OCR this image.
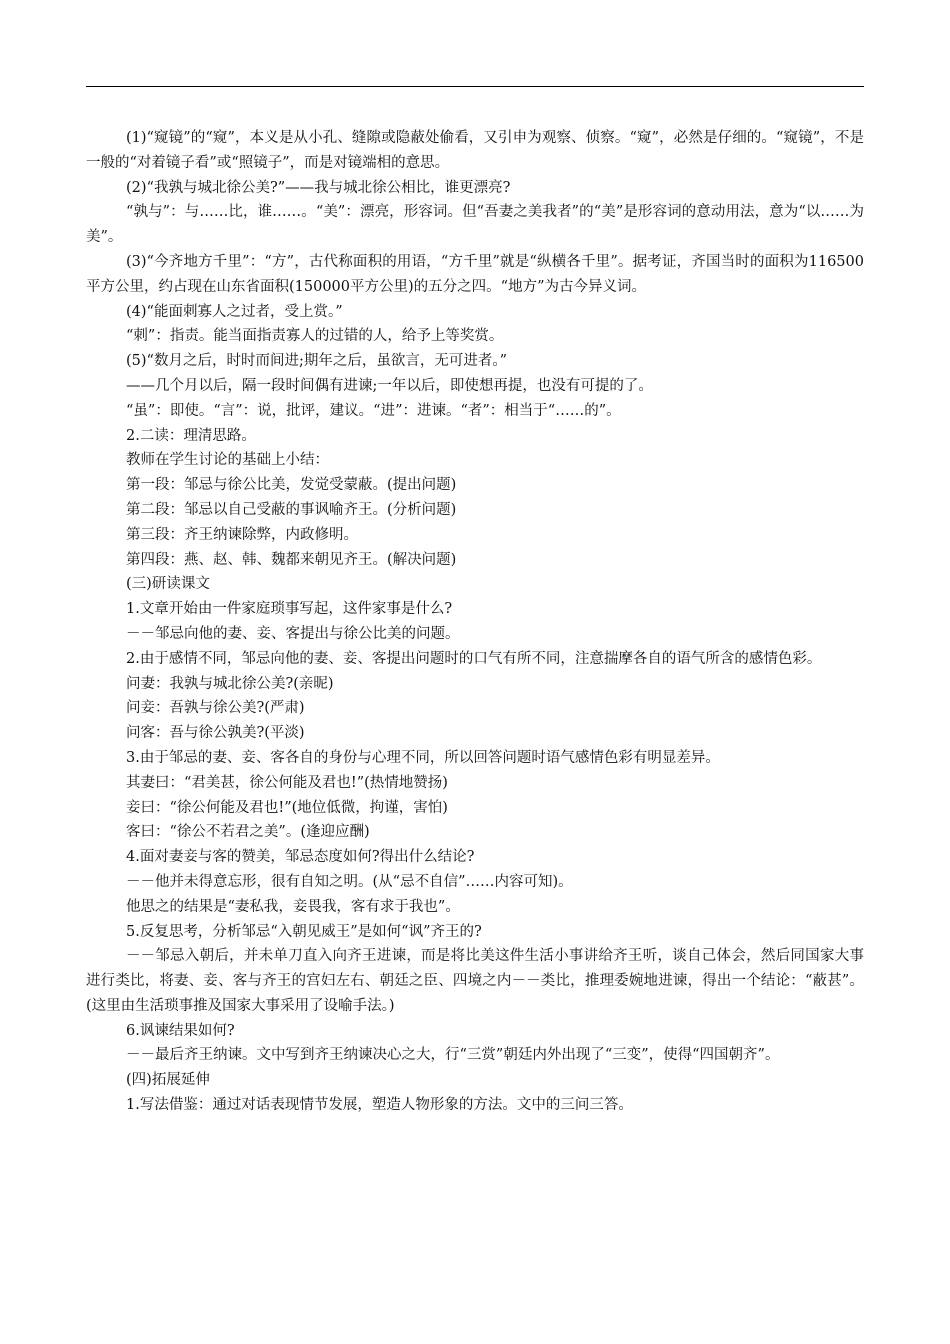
(1)“窥镜”的“窥”，本义是从小孔、缝隙或隐蔽处偷看，又引申为观察、侦察。“窥”，必然是仔细的。“窥镜”，不是一般的“对着镜子看”或“照镜子”，而是对镜端相的意思。

(2)“我孰与城北徐公美?”——我与城北徐公相比，谁更漂亮?

“孰与”：与……比，谁……。“美”：漂亮，形容词。但“吾妻之美我者”的“美”是形容词的意动用法，意为“以……为美”。

(3)“今齐地方千里”：“方”，古代称面积的用语，“方千里”就是“纵横各千里”。据考证，齐国当时的面积为116500平方公里，约占现在山东省面积(150000平方公里)的五分之四。“地方”为古今异义词。

(4)“能面刺寡人之过者，受上赏。”

“刺”：指责。能当面指责寡人的过错的人，给予上等奖赏。

(5)“数月之后，时时而间进;期年之后，虽欲言，无可进者。”

——几个月以后，隔一段时间偶有进谏;一年以后，即使想再提，也没有可提的了。

“虽”：即使。“言”：说，批评，建议。“进”：进谏。“者”：相当于“……的”。

2.二读：理清思路。

教师在学生讨论的基础上小结：

第一段：邹忌与徐公比美，发觉受蒙蔽。(提出问题)

第二段：邹忌以自己受蔽的事讽喻齐王。(分析问题)

第三段：齐王纳谏除弊，内政修明。

第四段：燕、赵、韩、魏都来朝见齐王。(解决问题)

(三)研读课文

1.文章开始由一件家庭琐事写起，这件家事是什么?

－－邹忌向他的妻、妾、客提出与徐公比美的问题。

2.由于感情不同，邹忌向他的妻、妾、客提出问题时的口气有所不同，注意揣摩各自的语气所含的感情色彩。

问妻：我孰与城北徐公美?(亲昵)

问妾：吾孰与徐公美?(严肃)

问客：吾与徐公孰美?(平淡)

3.由于邹忌的妻、妾、客各自的身份与心理不同，所以回答问题时语气感情色彩有明显差异。

其妻曰：“君美甚，徐公何能及君也!”(热情地赞扬)

妾曰：“徐公何能及君也!”(地位低微，拘谨，害怕)

客曰：“徐公不若君之美”。(逢迎应酬)

4.面对妻妾与客的赞美，邹忌态度如何?得出什么结论?

－－他并未得意忘形，很有自知之明。(从“忌不自信”……内容可知)。

他思之的结果是“妻私我，妾畏我，客有求于我也”。

5.反复思考，分析邹忌“入朝见威王”是如何“讽”齐王的?

－－邹忌入朝后，并未单刀直入向齐王进谏，而是将比美这件生活小事讲给齐王听，谈自己体会，然后同国家大事进行类比，将妻、妾、客与齐王的宫妇左右、朝廷之臣、四境之内－－类比，推理委婉地进谏，得出一个结论：“蔽甚”。(这里由生活琐事推及国家大事采用了设喻手法。)

6.讽谏结果如何?

－－最后齐王纳谏。文中写到齐王纳谏决心之大，行“三赏”朝廷内外出现了“三变”，使得“四国朝齐”。

(四)拓展延伸

1.写法借鉴：通过对话表现情节发展，塑造人物形象的方法。文中的三问三答。
